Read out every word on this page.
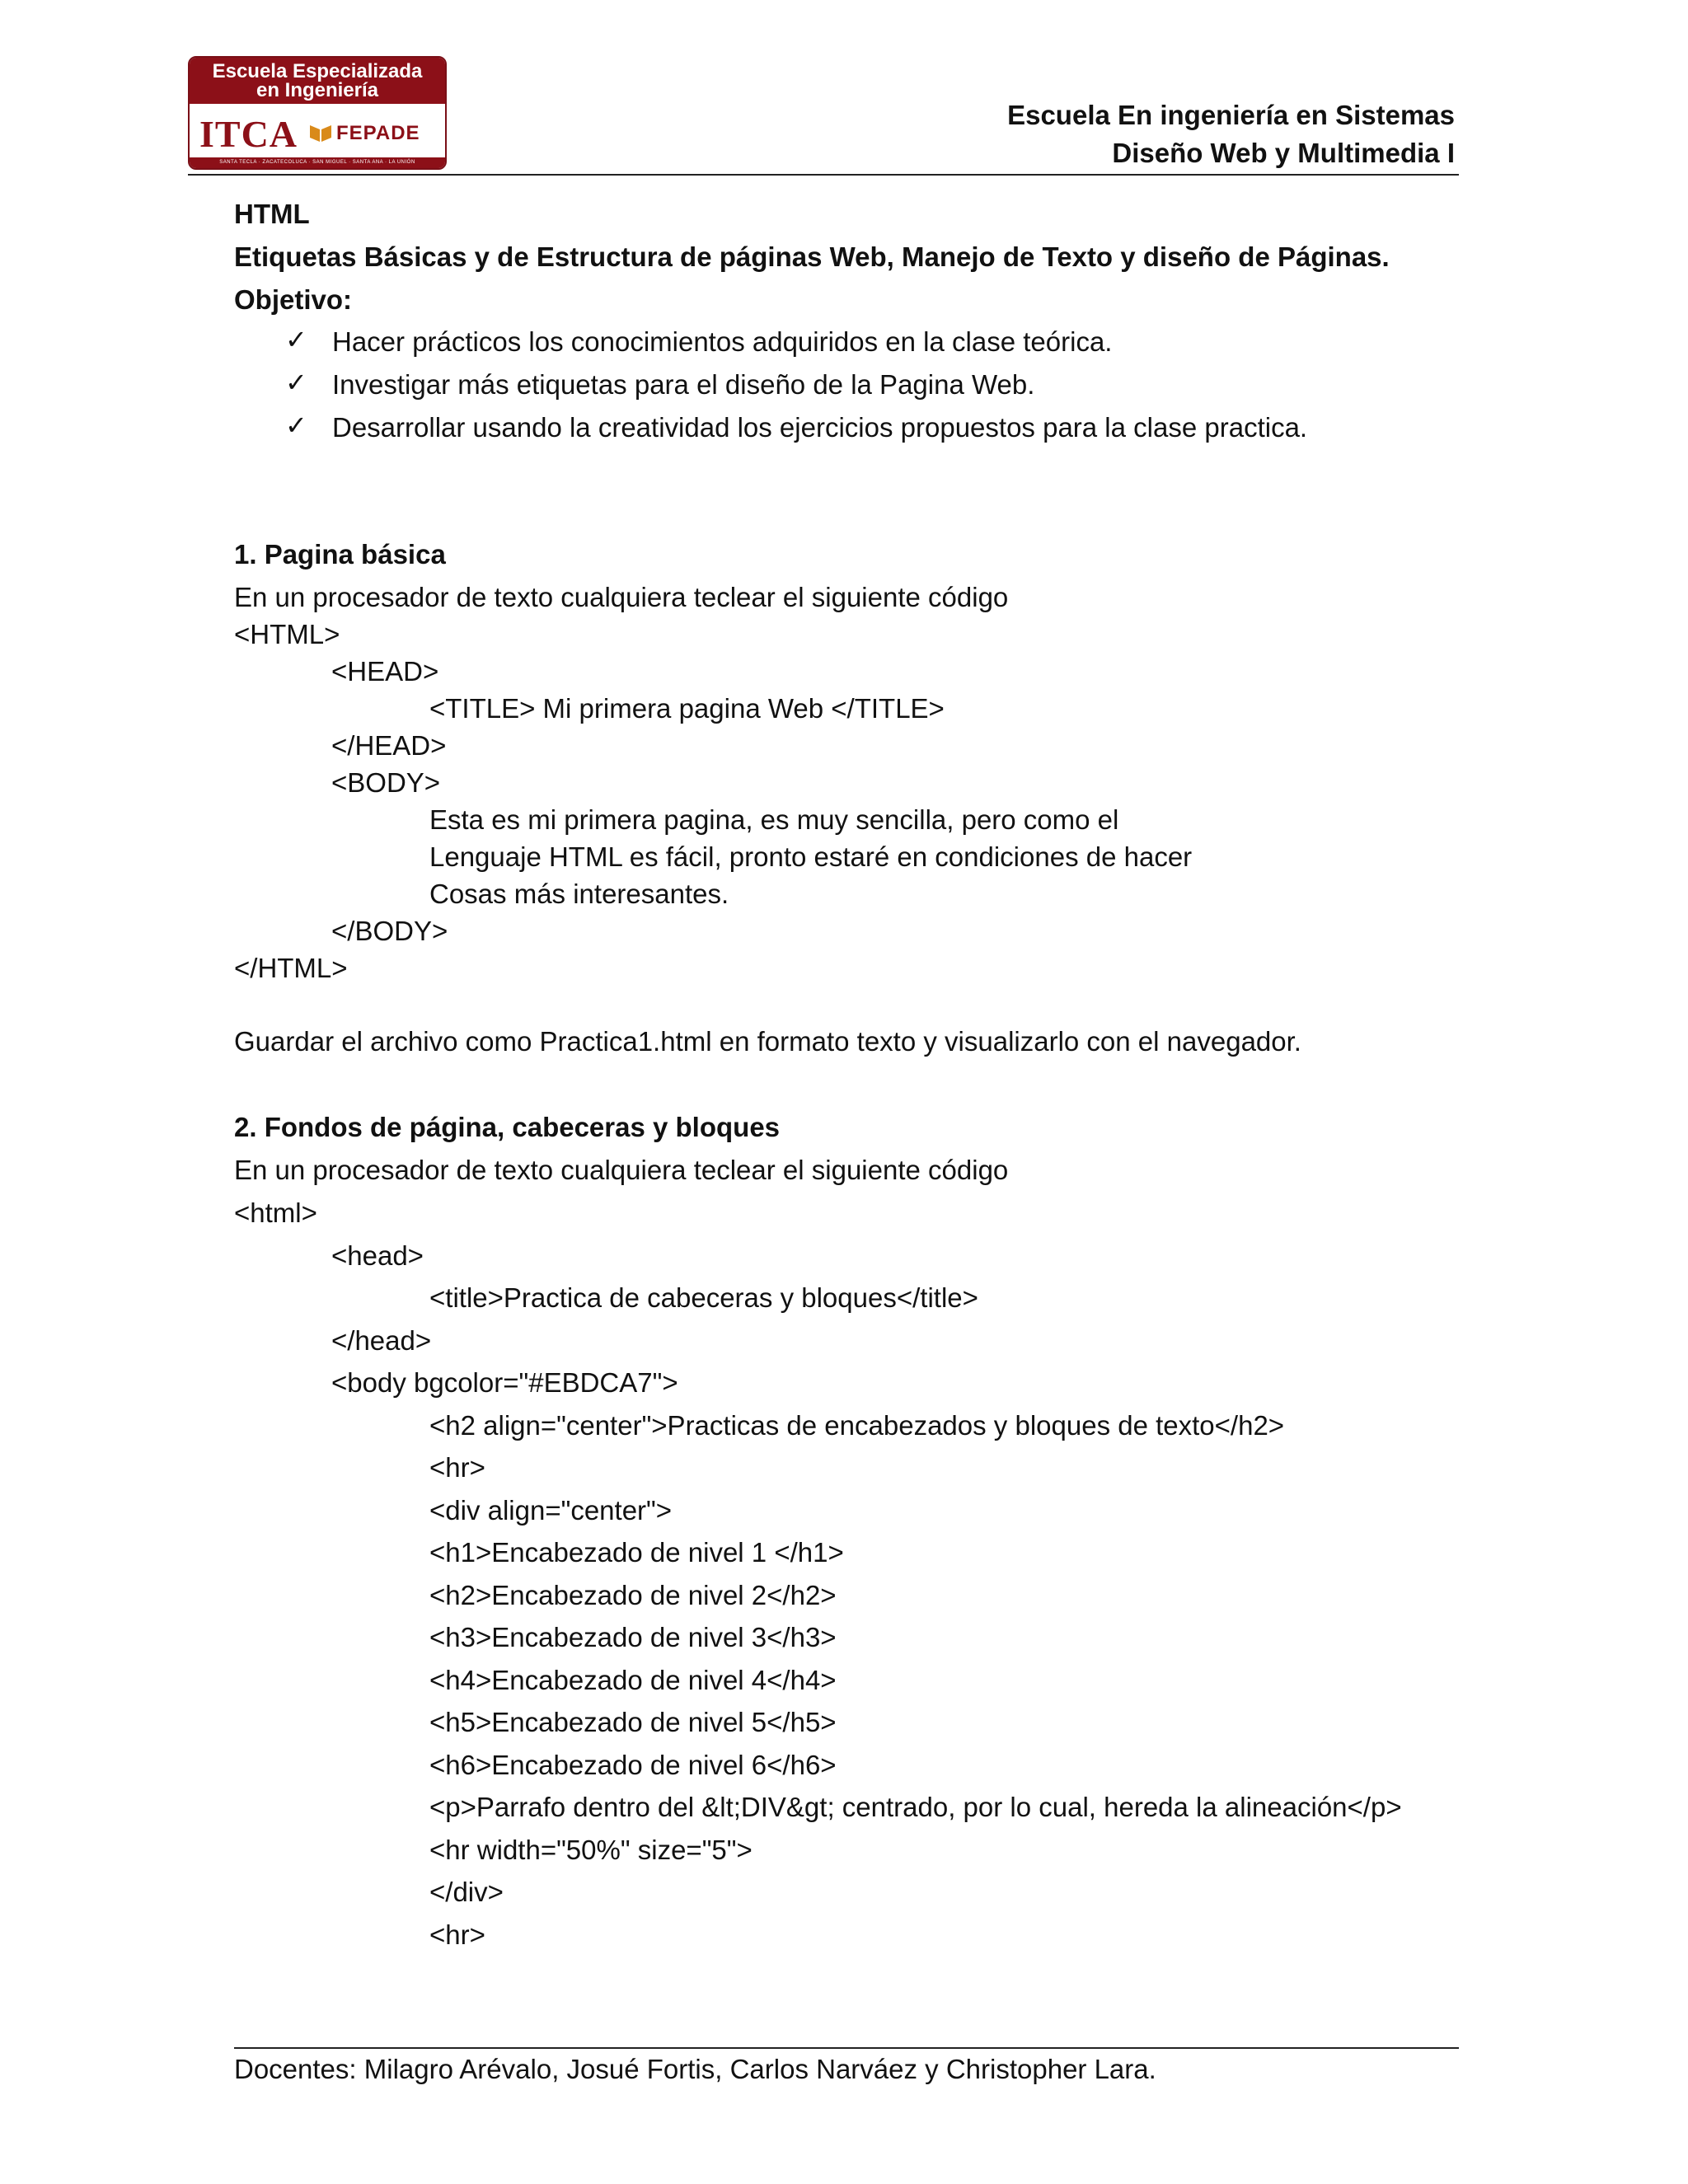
Escuela Especializada
en Ingeniería
ITCA FEPADE
SANTA TECLA · ZACATECOLUCA · SAN MIGUEL · SANTA ANA · LA UNIÓN
Escuela En ingeniería en Sistemas
Diseño Web y Multimedia I
HTML
Etiquetas Básicas y de Estructura de páginas Web, Manejo de Texto y diseño de Páginas.
Objetivo:
✓ Hacer prácticos los conocimientos adquiridos en la clase teórica.
✓ Investigar más etiquetas para el diseño de la Pagina Web.
✓ Desarrollar usando la creatividad los ejercicios propuestos para la clase practica.
1. Pagina básica
En un procesador de texto cualquiera teclear el siguiente código
<HTML>
<HEAD>
<TITLE> Mi primera pagina Web </TITLE>
</HEAD>
<BODY>
Esta es mi primera pagina, es muy sencilla, pero como el
Lenguaje HTML es fácil, pronto estaré en condiciones de hacer
Cosas más interesantes.
</BODY>
</HTML>
Guardar el archivo como Practica1.html en formato texto y visualizarlo con el navegador.
2. Fondos de página, cabeceras y bloques
En un procesador de texto cualquiera teclear el siguiente código
<html>
<head>
<title>Practica de cabeceras y bloques</title>
</head>
<body bgcolor="#EBDCA7">
<h2 align="center">Practicas de encabezados y bloques de texto</h2>
<hr>
<div align="center">
<h1>Encabezado de nivel 1 </h1>
<h2>Encabezado de nivel 2</h2>
<h3>Encabezado de nivel 3</h3>
<h4>Encabezado de nivel 4</h4>
<h5>Encabezado de nivel 5</h5>
<h6>Encabezado de nivel 6</h6>
<p>Parrafo dentro del &lt;DIV&gt; centrado, por lo cual, hereda la alineación</p>
<hr width="50%" size="5">
</div>
<hr>
Docentes: Milagro Arévalo, Josué Fortis, Carlos Narváez y Christopher Lara.
